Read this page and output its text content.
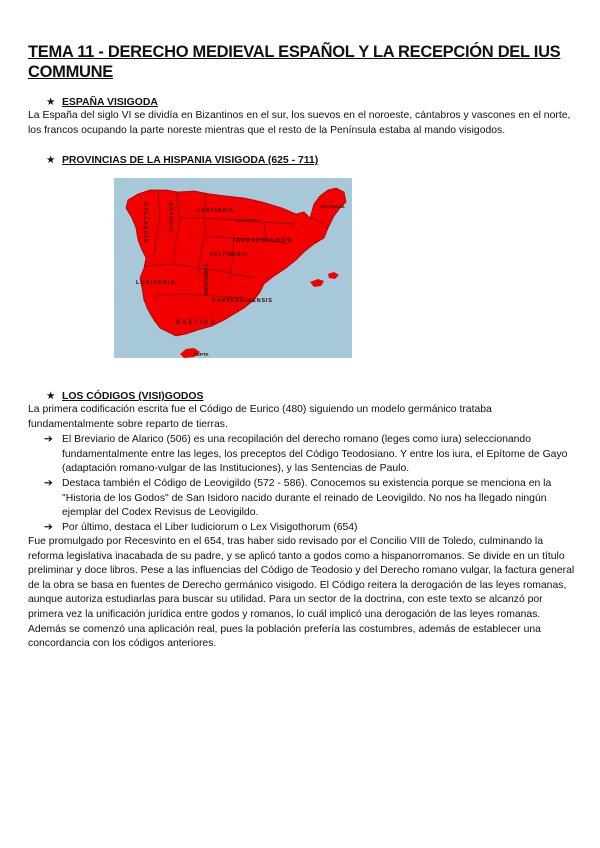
TEMA 11 - DERECHO MEDIEVAL ESPAÑOL Y LA RECEPCIÓN DEL IUS COMMUNE
★ ESPAÑA VISIGODA
La España del siglo VI se dividía en Bizantinos en el sur, los suevos en el noroeste, cántabros y vascones en el norte, los francos ocupando la parte noreste mientras que el resto de la Península estaba al mando visigodos.
★ PROVINCIAS DE LA HISPANIA VISIGODA (625 - 711)
GALLAECIA	ASTURIA	CANTABRIA
VASCONIA
SEPTIMANIA
TARRACONENSIS
CELTIBERIA
LUSITANIA	CARPETANIA
CARTHAGINENSIS
BAETICA
SEPTA
★ LOS CÓDIGOS (VISI)GODOS
La primera codificación escrita fue el Código de Eurico (480) siguiendo un modelo germánico trataba fundamentalmente sobre reparto de tierras.
➔ El Breviario de Alarico (506) es una recopilación del derecho romano (leges como iura) seleccionando fundamentalmente entre las leges, los preceptos del Código Teodosiano. Y entre los iura, el Epítome de Gayo (adaptación romano-vulgar de las Instituciones), y las Sentencias de Paulo.
➔ Destaca también el Código de Leovigildo (572 - 586). Conocemos su existencia porque se menciona en la "Historia de los Godos" de San Isidoro nacido durante el reinado de Leovigildo. No nos ha llegado ningún ejemplar del Codex Revisus de Leovigildo.
➔ Por último, destaca el Liber Iudiciorum o Lex Visigothorum (654)
Fue promulgado por Recesvinto en el 654, tras haber sido revisado por el Concilio VIII de Toledo, culminando la reforma legislativa inacabada de su padre, y se aplicó tanto a godos como a hispanorromanos. Se divide en un título preliminar y doce libros. Pese a las influencias del Código de Teodosio y del Derecho romano vulgar, la factura general de la obra se basa en fuentes de Derecho germánico visigodo. El Código reitera la derogación de las leyes romanas, aunque autoriza estudiarlas para buscar su utilidad. Para un sector de la doctrina, con este texto se alcanzó por primera vez la unificación jurídica entre godos y romanos, lo cuál implicó una derogación de las leyes romanas. Además se comenzó una aplicación real, pues la población prefería las costumbres, además de establecer una concordancia con los códigos anteriores.
